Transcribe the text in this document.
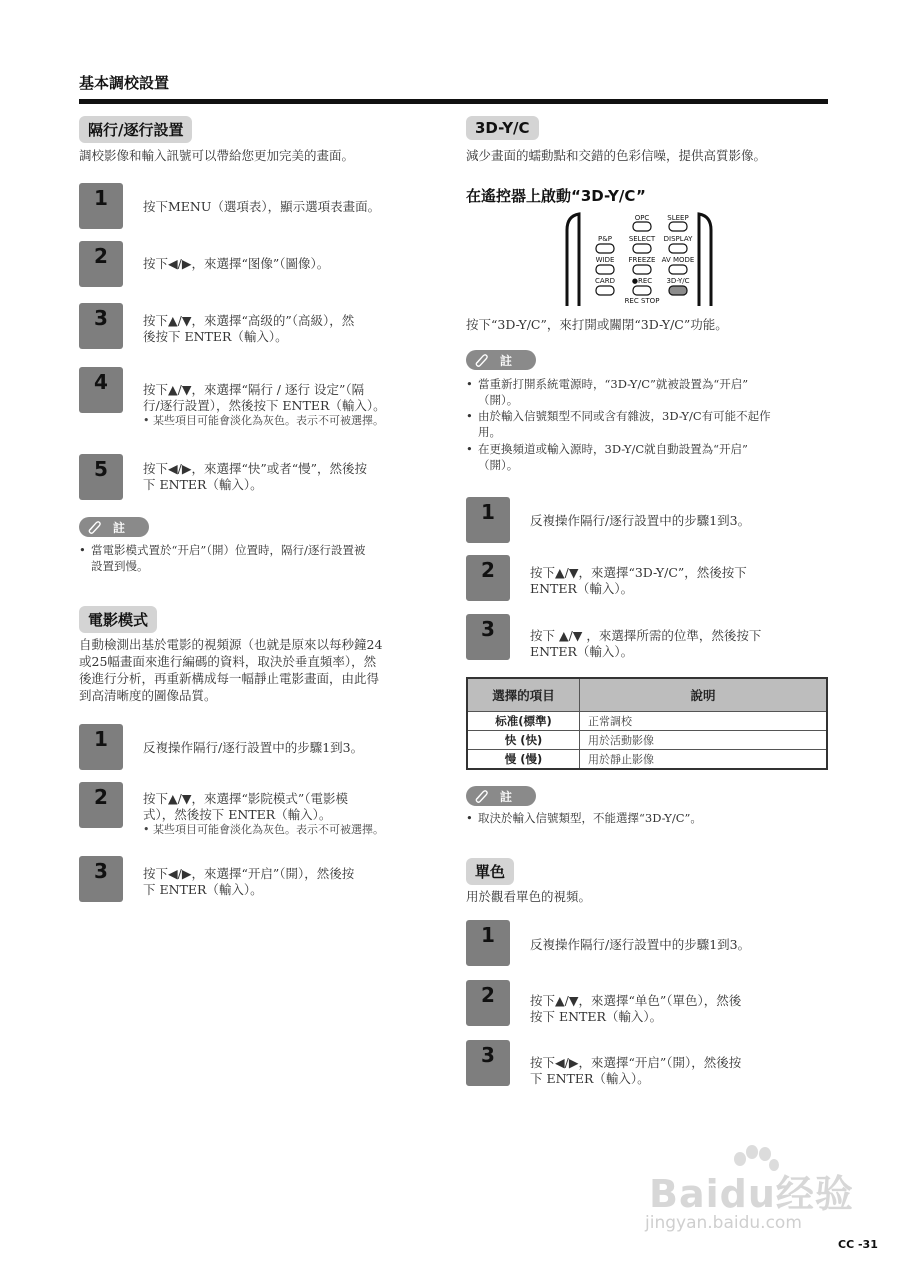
基本調校設置
隔行/逐行設置
調校影像和輸入訊號可以帶給您更加完美的畫面。
1	按下MENU（選項表），顯示選項表畫面。
2	按下◀/▶，來選擇“图像”（圖像）。
3	按下▲/▼，來選擇“高级的”（高級），然
後按下 ENTER（輸入）。
4	按下▲/▼，來選擇“隔行 / 逐行 设定”（隔
行/逐行設置），然後按下 ENTER（輸入）。
• 某些項目可能會淡化為灰色。表示不可被選擇。
5	按下◀/▶，來選擇“快”或者“慢”，然後按
下 ENTER（輸入）。
註
• 當電影模式置於“开启”（開）位置時，隔行/逐行設置被
設置到慢。
電影模式
自動檢測出基於電影的視頻源（也就是原來以每秒鐘24
或25幅畫面來進行編碼的資料，取決於垂直頻率），然
後進行分析，再重新構成每一幅靜止電影畫面，由此得
到高清晰度的圖像品質。
1	反複操作隔行/逐行設置中的步驟1到3。
2	按下▲/▼，來選擇“影院模式”（電影模
式），然後按下 ENTER（輸入）。
• 某些項目可能會淡化為灰色。表示不可被選擇。
3	按下◀/▶，來選擇“开启”（開），然後按
下 ENTER（輸入）。
3D-Y/C
減少畫面的蠕動點和交錯的色彩信噪，提供高質影像。
在遙控器上啟動“3D-Y/C”
OPC	SLEEP
P&P SELECT DISPLAY
WIDE FREEZE AV MODE
CARD ●REC 3D-Y/C
REC STOP
按下“3D-Y/C”，來打開或關閉“3D-Y/C”功能。
註
• 當重新打開系統電源時，“3D-Y/C”就被設置為“开启”
（開）。
• 由於輸入信號類型不同或含有雜波，3D-Y/C有可能不起作
用。
• 在更換頻道或輸入源時，3D-Y/C就自動設置為“开启”
（開）。
1	反複操作隔行/逐行設置中的步驟1到3。
2	按下▲/▼，來選擇“3D-Y/C”，然後按下
ENTER（輸入）。
3	按下 ▲/▼ ，來選擇所需的位準，然後按下
ENTER（輸入）。
選擇的項目	說明
标准(標準)	正常調校
快 (快)	用於活動影像
慢 (慢)	用於靜止影像
註
• 取決於輸入信號類型，不能選擇“3D-Y/C”。
單色
用於觀看單色的視頻。
1	反複操作隔行/逐行設置中的步驟1到3。
2	按下▲/▼，來選擇“单色”（單色），然後
按下 ENTER（輸入）。
3	按下◀/▶，來選擇“开启”（開），然後按
下 ENTER（輸入）。
Baidu经验
jingyan.baidu.com
CC -31
